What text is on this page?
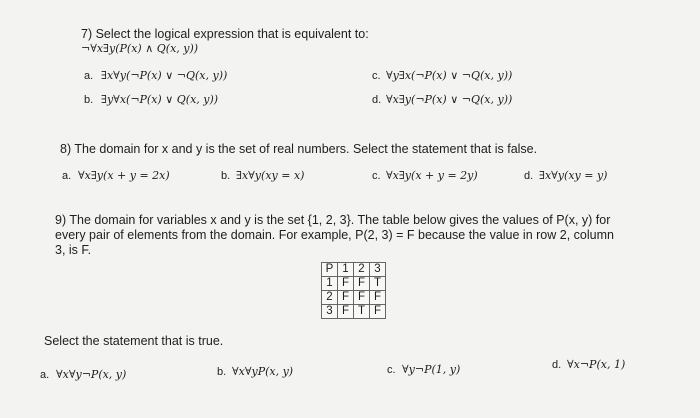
7) Select the logical expression that is equivalent to:
¬∀x∃y(P(x) ∧ Q(x, y))
a. ∃x∀y(¬P(x) ∨ ¬Q(x, y))	c. ∀y∃x(¬P(x) ∨ ¬Q(x, y))
b. ∃y∀x(¬P(x) ∨ Q(x, y))	d. ∀x∃y(¬P(x) ∨ ¬Q(x, y))
8) The domain for x and y is the set of real numbers. Select the statement that is false.
a. ∀x∃y(x + y = 2x)	b. ∃x∀y(xy = x)	c. ∀x∃y(x + y = 2y)	d. ∃x∀y(xy = y)
9) The domain for variables x and y is the set {1, 2, 3}. The table below gives the values of P(x, y) for
every pair of elements from the domain. For example, P(2, 3) = F because the value in row 2, column
3, is F.
P	1	2	3
1	F	F	T
2	F	F	F
3	F	T	F
Select the statement that is true.
a. ∀x∀y¬P(x, y)	b. ∀x∀yP(x, y)	c. ∀y¬P(1, y)	d. ∀x¬P(x, 1)
